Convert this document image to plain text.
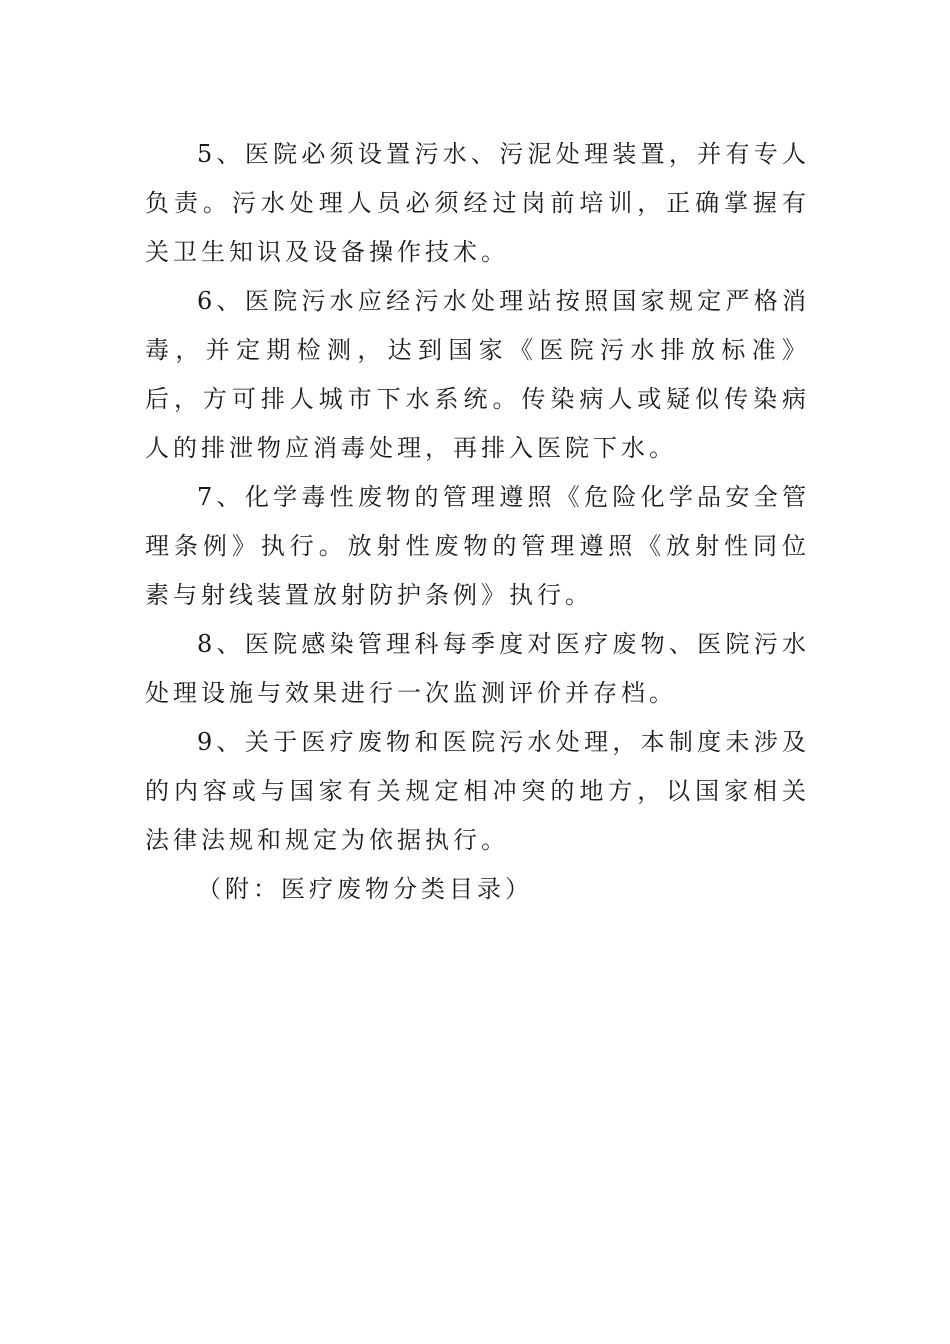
5、医院必须设置污水、污泥处理装置，并有专人负责。污水处理人员必须经过岗前培训，正确掌握有关卫生知识及设备操作技术。

6、医院污水应经污水处理站按照国家规定严格消毒，并定期检测，达到国家《医院污水排放标准》后，方可排人城市下水系统。传染病人或疑似传染病人的排泄物应消毒处理，再排入医院下水。

7、化学毒性废物的管理遵照《危险化学品安全管理条例》执行。放射性废物的管理遵照《放射性同位素与射线装置放射防护条例》执行。

8、医院感染管理科每季度对医疗废物、医院污水处理设施与效果进行一次监测评价并存档。

9、关于医疗废物和医院污水处理，本制度未涉及的内容或与国家有关规定相冲突的地方，以国家相关法律法规和规定为依据执行。

（附：医疗废物分类目录）
